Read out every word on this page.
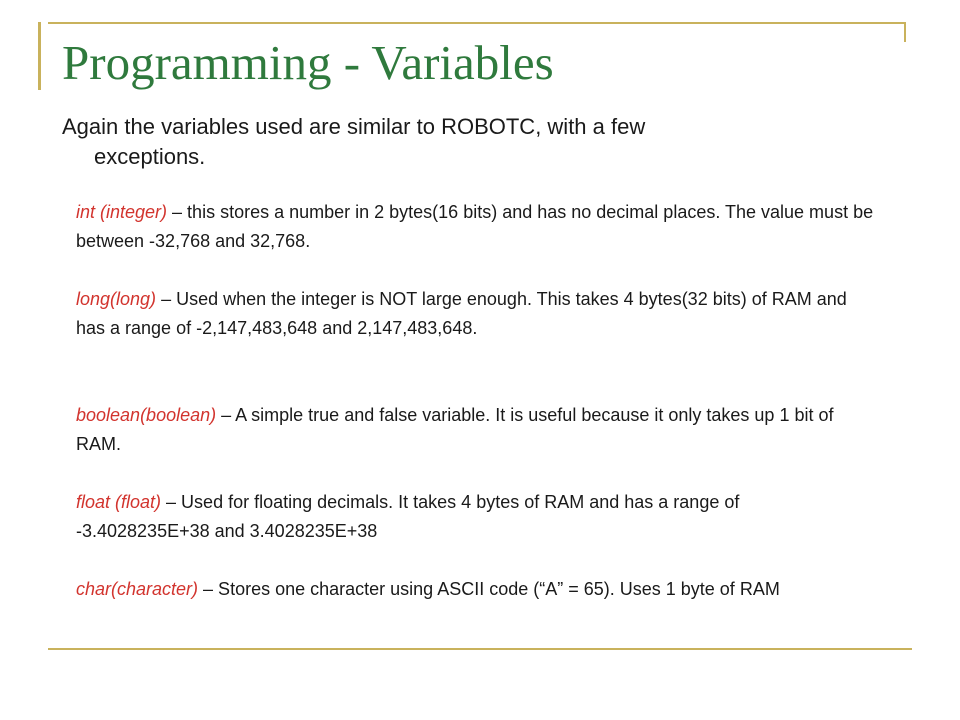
Programming - Variables
Again the variables used are similar to ROBOTC, with a few
exceptions.
int (integer) – this stores a number in 2 bytes(16 bits) and has no decimal places. The value must be between -32,768 and 32,768.
long(long) – Used when the integer is NOT large enough. This takes 4 bytes(32 bits) of RAM and has a range of -2,147,483,648 and 2,147,483,648.
boolean(boolean) – A simple true and false variable. It is useful because it only takes up 1 bit of RAM.
float (float) – Used for floating decimals. It takes 4 bytes of RAM and has a range of -3.4028235E+38 and 3.4028235E+38
char(character) – Stores one character using ASCII code (“A” = 65). Uses 1 byte of RAM
